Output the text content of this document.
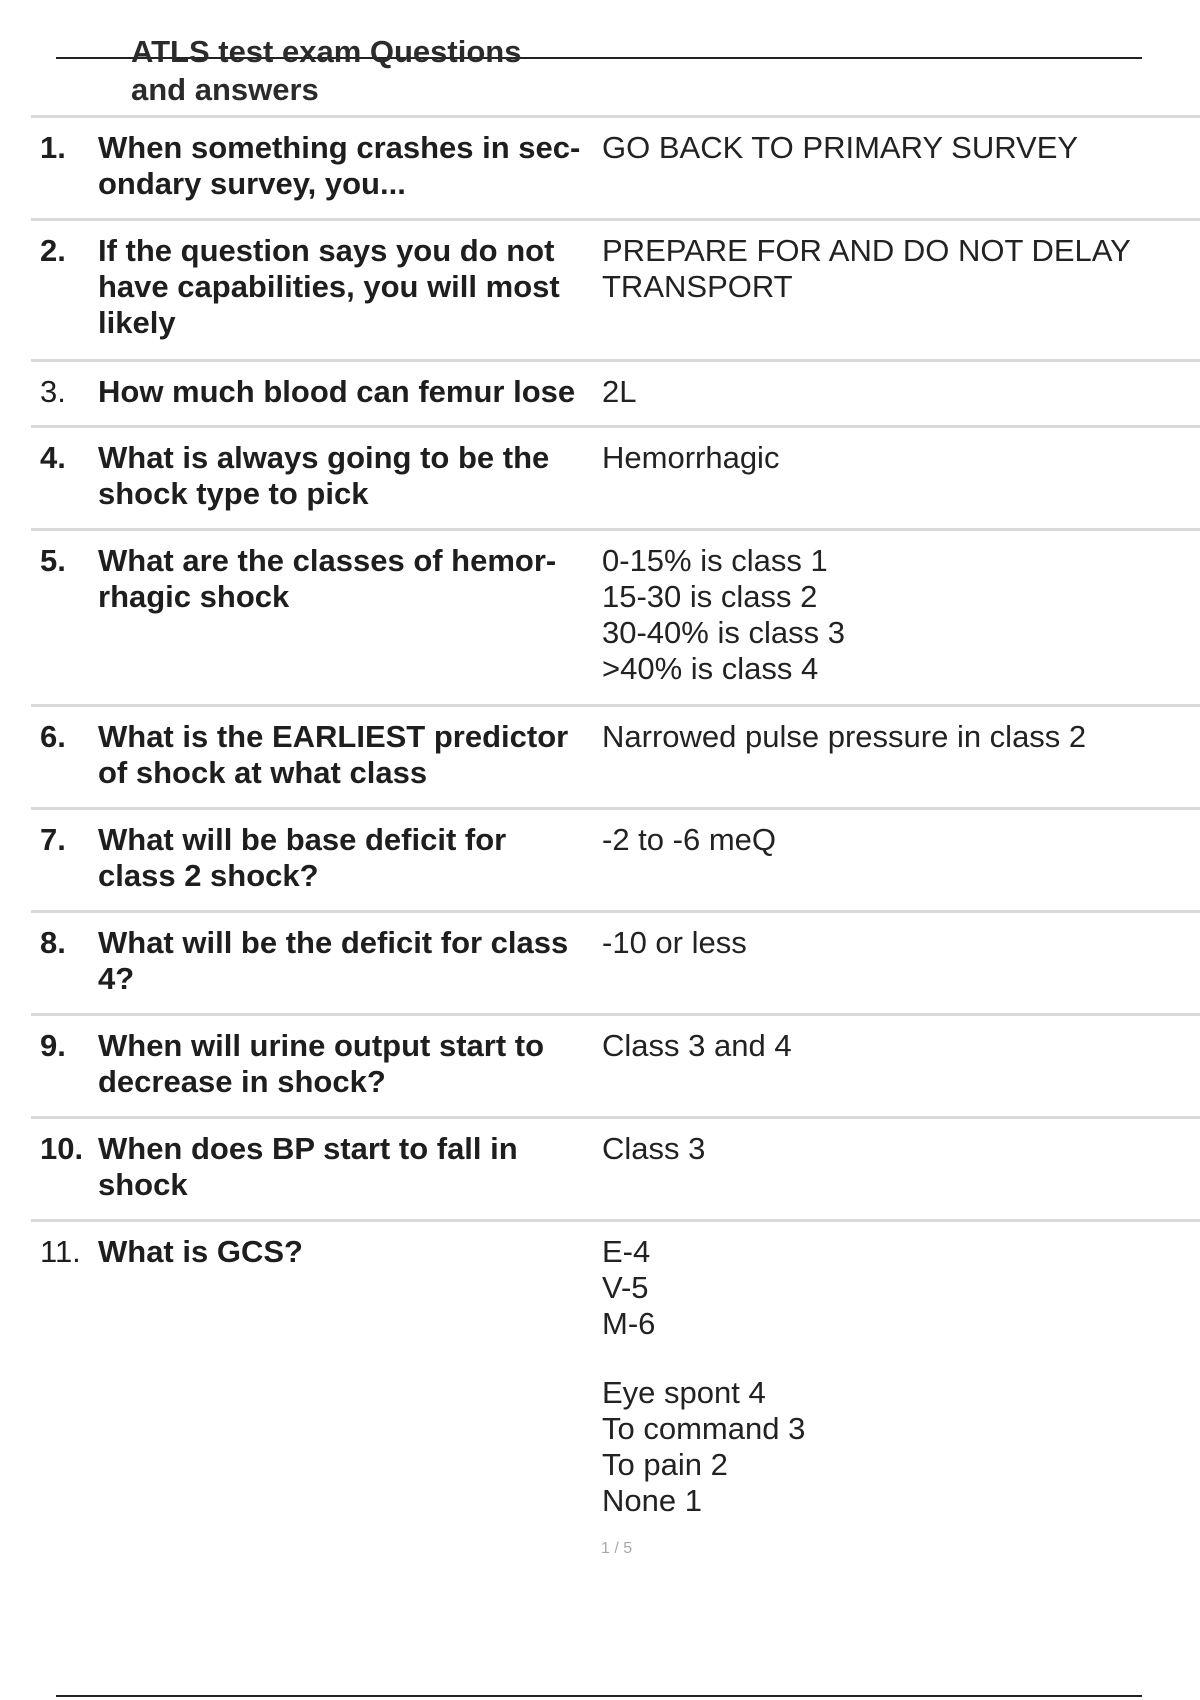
ATLS test exam Questions
and answers
1. When something crashes in sec-
ondary survey, you...
GO BACK TO PRIMARY SURVEY
2. If the question says you do not
have capabilities, you will most
likely
PREPARE FOR AND DO NOT DELAY
TRANSPORT
3. How much blood can femur lose 2L
4. What is always going to be the
shock type to pick
Hemorrhagic
5. What are the classes of hemor-
rhagic shock
0-15% is class 1
15-30 is class 2
30-40% is class 3
>40% is class 4
6. What is the EARLIEST predictor
of shock at what class
Narrowed pulse pressure in class 2
7. What will be base deficit for
class 2 shock?
-2 to -6 meQ
8. What will be the deficit for class
4?
-10 or less
9. When will urine output start to
decrease in shock?
Class 3 and 4
10. When does BP start to fall in
shock
Class 3
11. What is GCS?	E-4
V-5
M-6
Eye spont 4
To command 3
To pain 2
None 1
1 / 5
